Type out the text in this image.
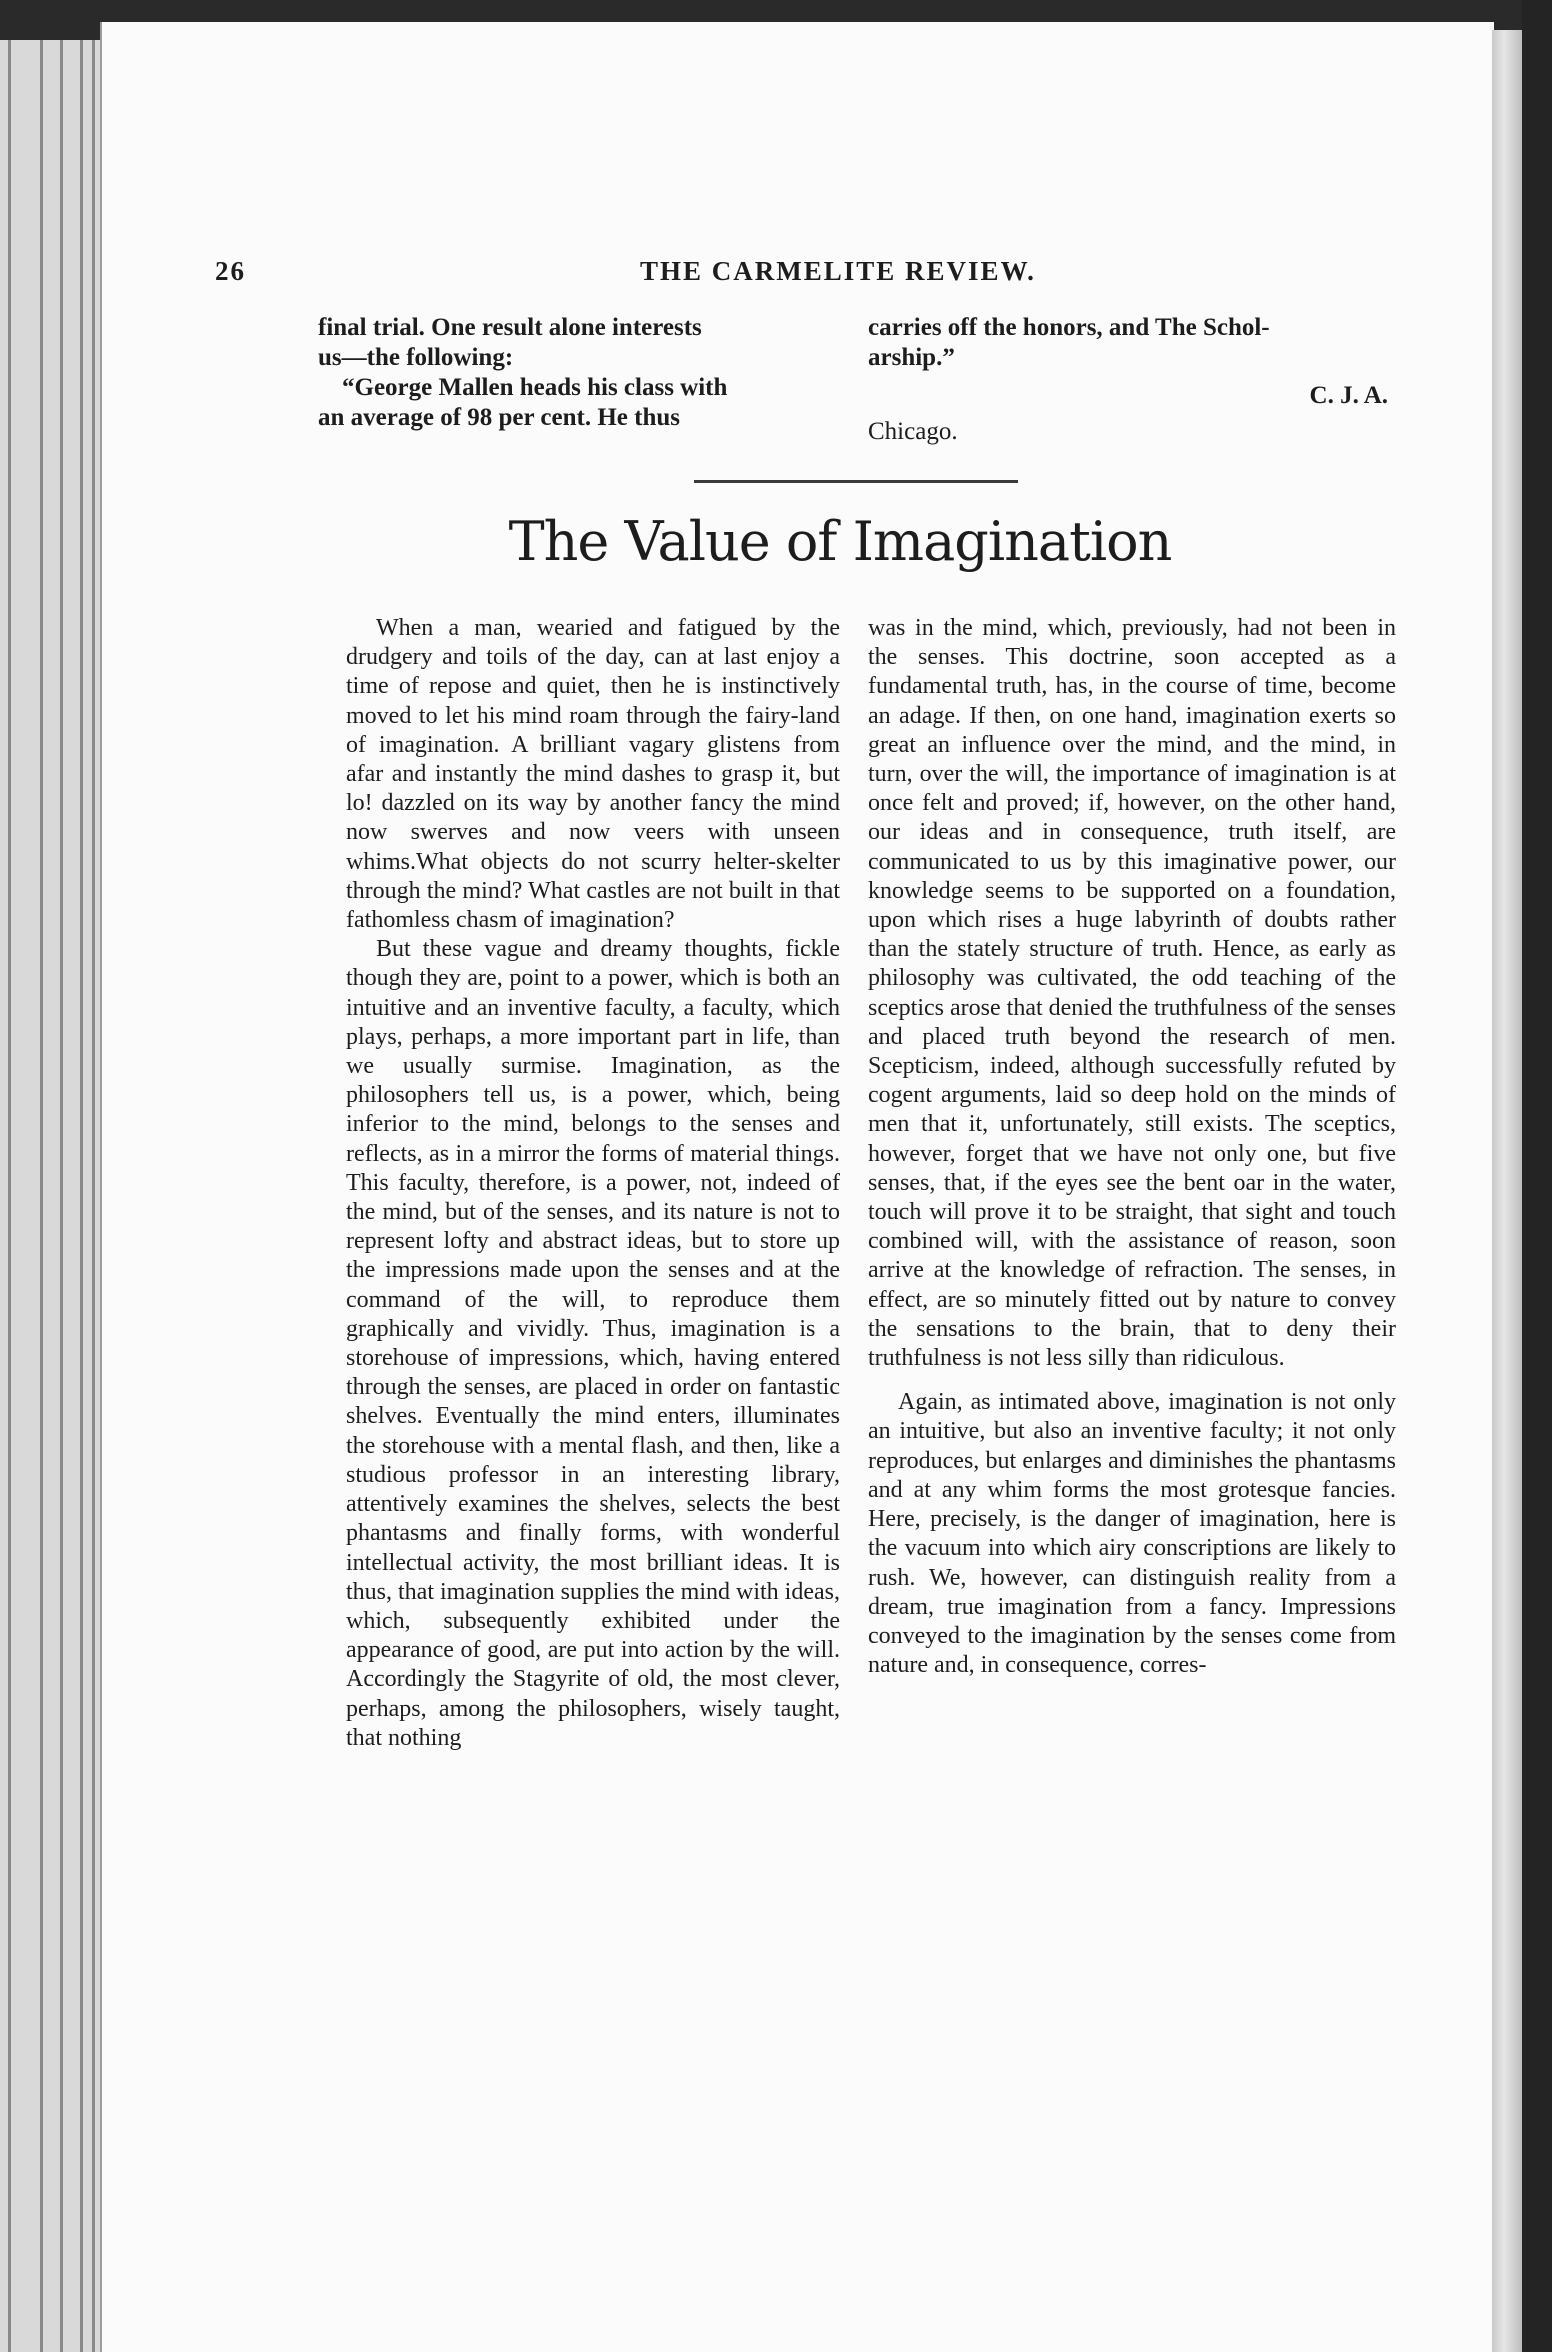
26	THE CARMELITE REVIEW.
final trial. One result alone interests
us—the following:
“George Mallen heads his class with
an average of 98 per cent. He thus
carries off the honors, and The Schol-
arship.”
C. J. A.
Chicago.
The Value of Imagination

When a man, wearied and fatigued by the drudgery and toils of the day, can at last enjoy a time of repose and quiet, then he is instinctively moved to let his mind roam through the fairy-land of imagination. A brilliant vagary glistens from afar and instantly the mind dashes to grasp it, but lo! dazzled on its way by another fancy the mind now swerves and now veers with unseen whims.What objects do not scurry helter-skelter through the mind? What castles are not built in that fathomless chasm of imagination?

But these vague and dreamy thoughts, fickle though they are, point to a power, which is both an intuitive and an inventive faculty, a faculty, which plays, perhaps, a more important part in life, than we usually surmise. Imagination, as the philosophers tell us, is a power, which, being inferior to the mind, belongs to the senses and reflects, as in a mirror the forms of material things. This faculty, therefore, is a power, not, indeed of the mind, but of the senses, and its nature is not to represent lofty and abstract ideas, but to store up the impressions made upon the senses and at the command of the will, to reproduce them graphically and vividly. Thus, imagination is a storehouse of impressions, which, having entered through the senses, are placed in order on fantastic shelves. Eventually the mind enters, illuminates the storehouse with a mental flash, and then, like a studious professor in an interesting library, attentively examines the shelves, selects the best phantasms and finally forms, with wonderful intellectual activity, the most brilliant ideas. It is thus, that imagination supplies the mind with ideas, which, subsequently exhibited under the appearance of good, are put into action by the will. Accordingly the Stagyrite of old, the most clever, perhaps, among the philosophers, wisely taught, that nothing

was in the mind, which, previously, had not been in the senses. This doctrine, soon accepted as a fundamental truth, has, in the course of time, become an adage. If then, on one hand, imagination exerts so great an influence over the mind, and the mind, in turn, over the will, the importance of imagination is at once felt and proved; if, however, on the other hand, our ideas and in consequence, truth itself, are communicated to us by this imaginative power, our knowledge seems to be supported on a foundation, upon which rises a huge labyrinth of doubts rather than the stately structure of truth. Hence, as early as philosophy was cultivated, the odd teaching of the sceptics arose that denied the truthfulness of the senses and placed truth beyond the research of men. Scepticism, indeed, although successfully refuted by cogent arguments, laid so deep hold on the minds of men that it, unfortunately, still exists. The sceptics, however, forget that we have not only one, but five senses, that, if the eyes see the bent oar in the water, touch will prove it to be straight, that sight and touch combined will, with the assistance of reason, soon arrive at the knowledge of refraction. The senses, in effect, are so minutely fitted out by nature to convey the sensations to the brain, that to deny their truthfulness is not less silly than ridiculous.

Again, as intimated above, imagination is not only an intuitive, but also an inventive faculty; it not only reproduces, but enlarges and diminishes the phantasms and at any whim forms the most grotesque fancies. Here, precisely, is the danger of imagination, here is the vacuum into which airy conscriptions are likely to rush. We, however, can distinguish reality from a dream, true imagination from a fancy. Impressions conveyed to the imagination by the senses come from nature and, in consequence, corres-
